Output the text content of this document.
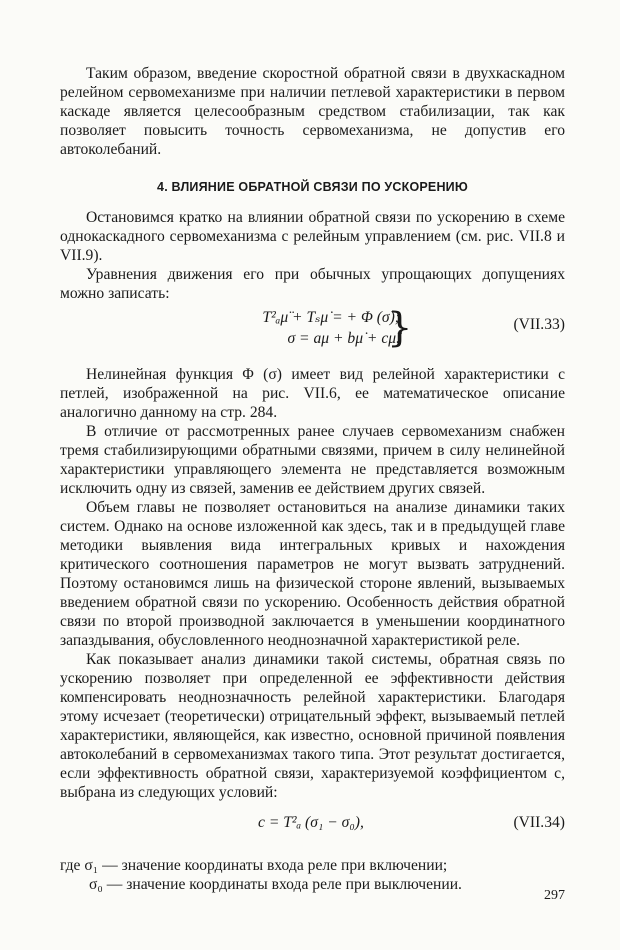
Таким образом, введение скоростной обратной связи в двухкаскадном релейном сервомеханизме при наличии петлевой характеристики в первом каскаде является целесообразным средством стабилизации, так как позволяет повысить точность сервомеханизма, не допустив его автоколебаний.

4. ВЛИЯНИЕ ОБРАТНОЙ СВЯЗИ ПО УСКОРЕНИЮ

Остановимся кратко на влиянии обратной связи по ускорению в схеме однокаскадного сервомеханизма с релейным управлением (см. рис. VII.8 и VII.9).

Уравнения движения его при обычных упрощающих допущениях можно записать:

T²ₐμ̈ + Tₛμ̇ = + Φ (σ);
σ = aμ + bμ̇ + cμ̈.
}	(VII.33)

Нелинейная функция Φ (σ) имеет вид релейной характеристики с петлей, изображенной на рис. VII.6, ее математическое описание аналогично данному на стр. 284.

В отличие от рассмотренных ранее случаев сервомеханизм снабжен тремя стабилизирующими обратными связями, причем в силу нелинейной характеристики управляющего элемента не представляется возможным исключить одну из связей, заменив ее действием других связей.

Объем главы не позволяет остановиться на анализе динамики таких систем. Однако на основе изложенной как здесь, так и в предыдущей главе методики выявления вида интегральных кривых и нахождения критического соотношения параметров не могут вызвать затруднений. Поэтому остановимся лишь на физической стороне явлений, вызываемых введением обратной связи по ускорению. Особенность действия обратной связи по второй производной заключается в уменьшении координатного запаздывания, обусловленного неоднозначной характеристикой реле.

Как показывает анализ динамики такой системы, обратная связь по ускорению позволяет при определенной ее эффективности действия компенсировать неоднозначность релейной характеристики. Благодаря этому исчезает (теоретически) отрицательный эффект, вызываемый петлей характеристики, являющейся, как известно, основной причиной появления автоколебаний в сервомеханизмах такого типа. Этот результат достигается, если эффективность обратной связи, характеризуемой коэффициентом c, выбрана из следующих условий:

c = T²ₐ (σ₁ − σ₀),	(VII.34)
где σ₁ — значение координаты входа реле при включении;
σ₀ — значение координаты входа реле при выключении.
297
